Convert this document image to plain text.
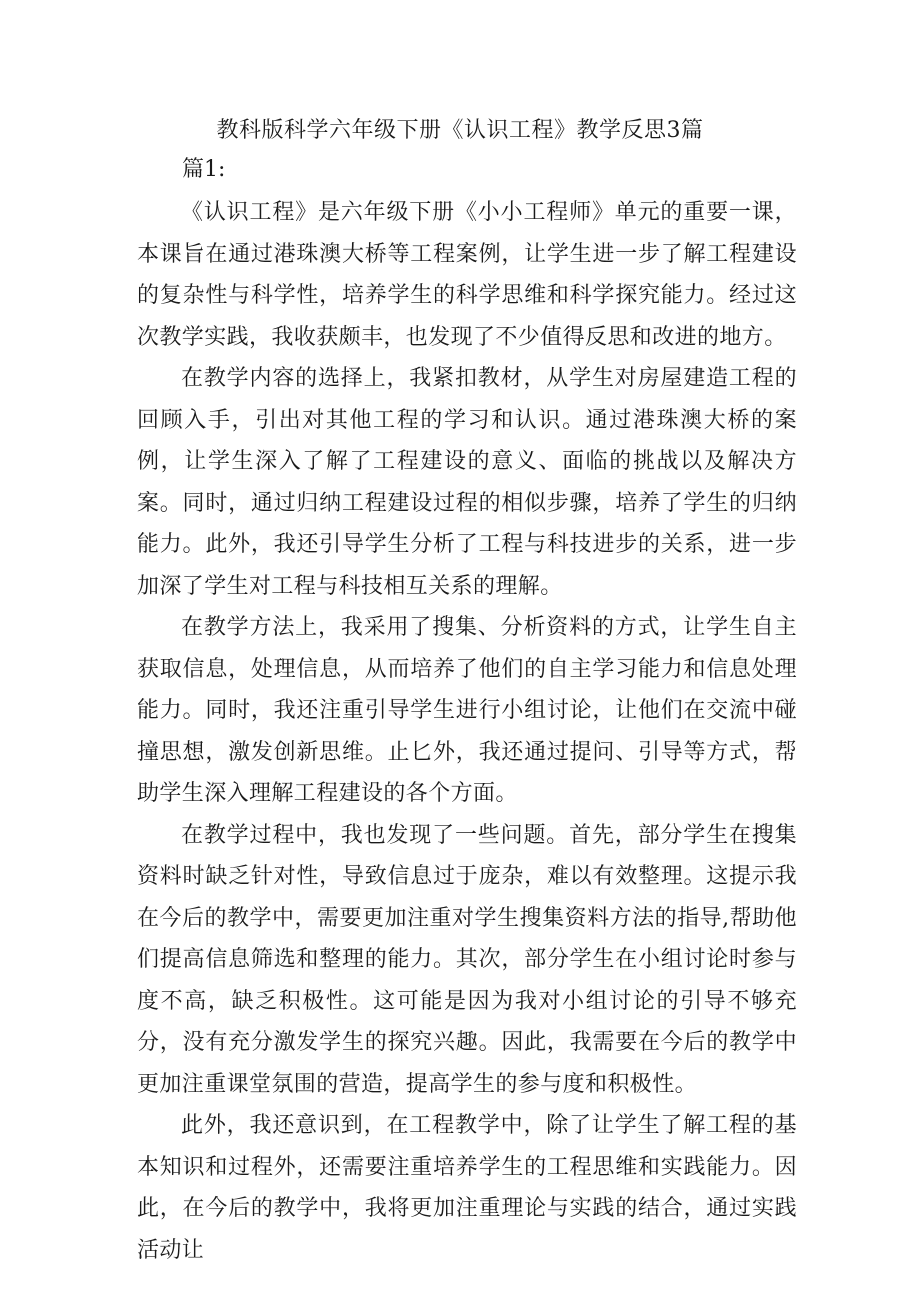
教科版科学六年级下册《认识工程》教学反思3篇
篇1:

《认识工程》是六年级下册《小小工程师》单元的重要一课，本课旨在通过港珠澳大桥等工程案例，让学生进一步了解工程建设的复杂性与科学性，培养学生的科学思维和科学探究能力。经过这次教学实践，我收获颇丰，也发现了不少值得反思和改进的地方。

在教学内容的选择上，我紧扣教材，从学生对房屋建造工程的回顾入手，引出对其他工程的学习和认识。通过港珠澳大桥的案例，让学生深入了解了工程建设的意义、面临的挑战以及解决方案。同时，通过归纳工程建设过程的相似步骤，培养了学生的归纳能力。此外，我还引导学生分析了工程与科技进步的关系，进一步加深了学生对工程与科技相互关系的理解。

在教学方法上，我采用了搜集、分析资料的方式，让学生自主获取信息，处理信息，从而培养了他们的自主学习能力和信息处理能力。同时，我还注重引导学生进行小组讨论，让他们在交流中碰撞思想，激发创新思维。止匕外，我还通过提问、引导等方式，帮助学生深入理解工程建设的各个方面。

在教学过程中，我也发现了一些问题。首先，部分学生在搜集资料时缺乏针对性，导致信息过于庞杂，难以有效整理。这提示我在今后的教学中，需要更加注重对学生搜集资料方法的指导,帮助他们提高信息筛选和整理的能力。其次，部分学生在小组讨论时参与度不高，缺乏积极性。这可能是因为我对小组讨论的引导不够充分，没有充分激发学生的探究兴趣。因此，我需要在今后的教学中更加注重课堂氛围的营造，提高学生的参与度和积极性。

此外，我还意识到，在工程教学中，除了让学生了解工程的基本知识和过程外，还需要注重培养学生的工程思维和实践能力。因此，在今后的教学中，我将更加注重理论与实践的结合，通过实践活动让
